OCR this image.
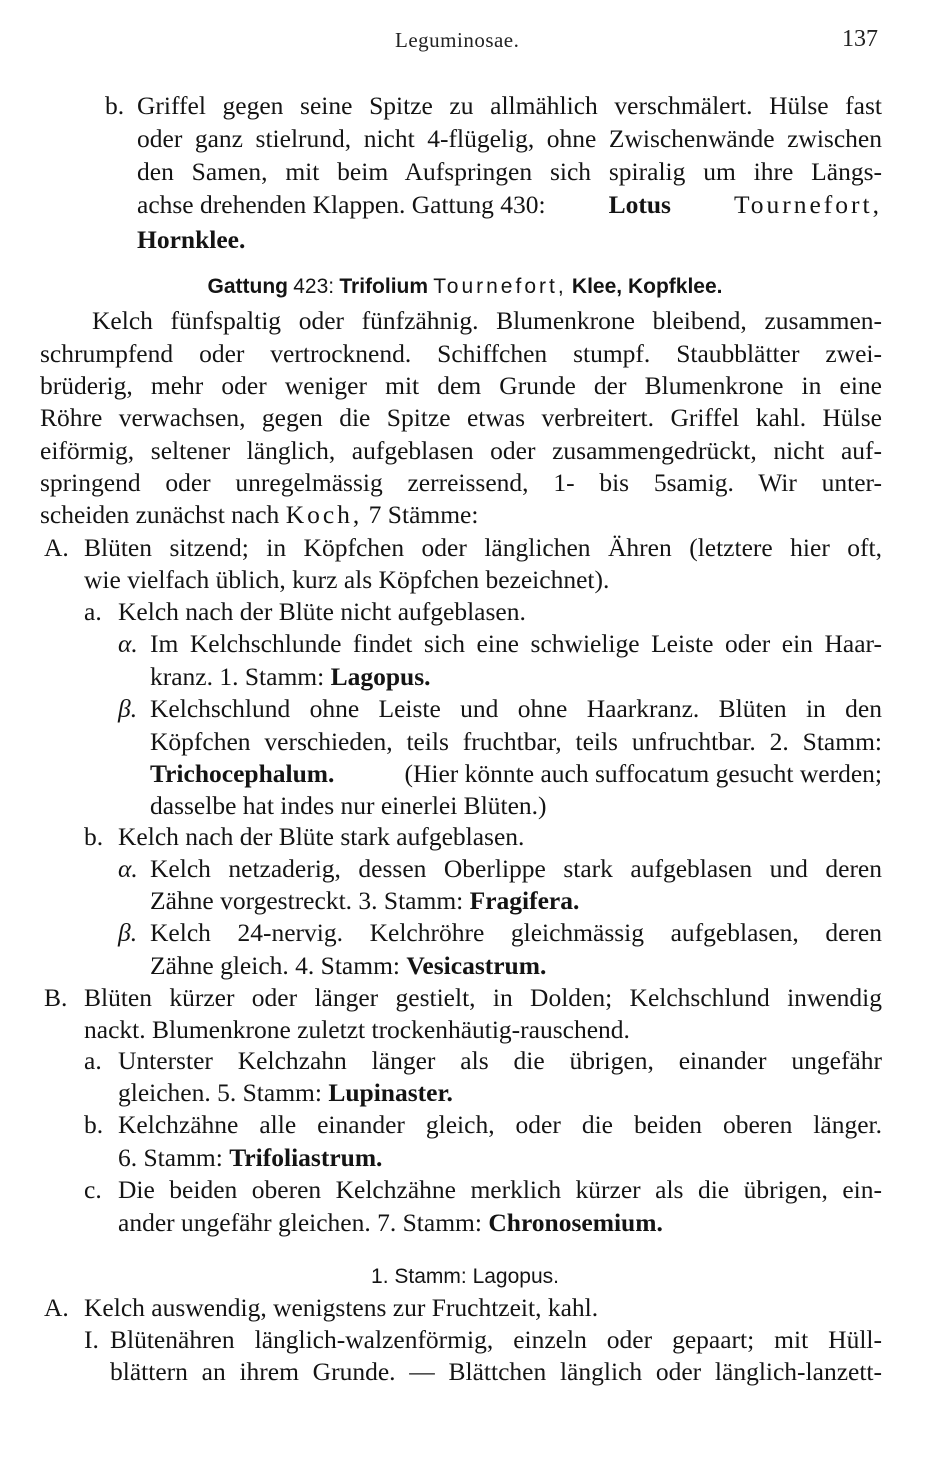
Leguminosae.	137
b. Griffel gegen seine Spitze zu allmählich verschmälert. Hülse fast
oder ganz stielrund, nicht 4-flügelig, ohne Zwischenwände zwischen
den Samen, mit beim Aufspringen sich spiralig um ihre Längs-
achse drehenden Klappen. Gattung 430: Lotus Tournefort,
Hornklee.
Gattung 423: Trifolium Tournefort, Klee, Kopfklee.
Kelch fünfspaltig oder fünfzähnig. Blumenkrone bleibend, zusammen-
schrumpfend oder vertrocknend. Schiffchen stumpf. Staubblätter zwei-
brüderig, mehr oder weniger mit dem Grunde der Blumenkrone in eine
Röhre verwachsen, gegen die Spitze etwas verbreitert. Griffel kahl. Hülse
eiförmig, seltener länglich, aufgeblasen oder zusammengedrückt, nicht auf-
springend oder unregelmässig zerreissend, 1- bis 5samig. Wir unter-
scheiden zunächst nach Koch, 7 Stämme:
A. Blüten sitzend; in Köpfchen oder länglichen Ähren (letztere hier oft,
wie vielfach üblich, kurz als Köpfchen bezeichnet).
a. Kelch nach der Blüte nicht aufgeblasen.
α. Im Kelchschlunde findet sich eine schwielige Leiste oder ein Haar-
kranz. 1. Stamm: Lagopus.
β. Kelchschlund ohne Leiste und ohne Haarkranz. Blüten in den
Köpfchen verschieden, teils fruchtbar, teils unfruchtbar. 2. Stamm:
Trichocephalum.	(Hier könnte auch suffocatum gesucht werden;
dasselbe hat indes nur einerlei Blüten.)
b. Kelch nach der Blüte stark aufgeblasen.
α. Kelch netzaderig, dessen Oberlippe stark aufgeblasen und deren
Zähne vorgestreckt. 3. Stamm: Fragifera.
β. Kelch 24-nervig. Kelchröhre gleichmässig aufgeblasen, deren
Zähne gleich. 4. Stamm: Vesicastrum.
B. Blüten kürzer oder länger gestielt, in Dolden; Kelchschlund inwendig
nackt. Blumenkrone zuletzt trockenhäutig-rauschend.
a. Unterster Kelchzahn länger als die übrigen, einander ungefähr
gleichen. 5. Stamm: Lupinaster.
b. Kelchzähne alle einander gleich, oder die beiden oberen länger.
6. Stamm: Trifoliastrum.
c. Die beiden oberen Kelchzähne merklich kürzer als die übrigen, ein-
ander ungefähr gleichen. 7. Stamm: Chronosemium.
1. Stamm: Lagopus.
A. Kelch auswendig, wenigstens zur Fruchtzeit, kahl.
I. Blütenähren länglich-walzenförmig, einzeln oder gepaart; mit Hüll-
blättern an ihrem Grunde. — Blättchen länglich oder länglich-lanzett-
